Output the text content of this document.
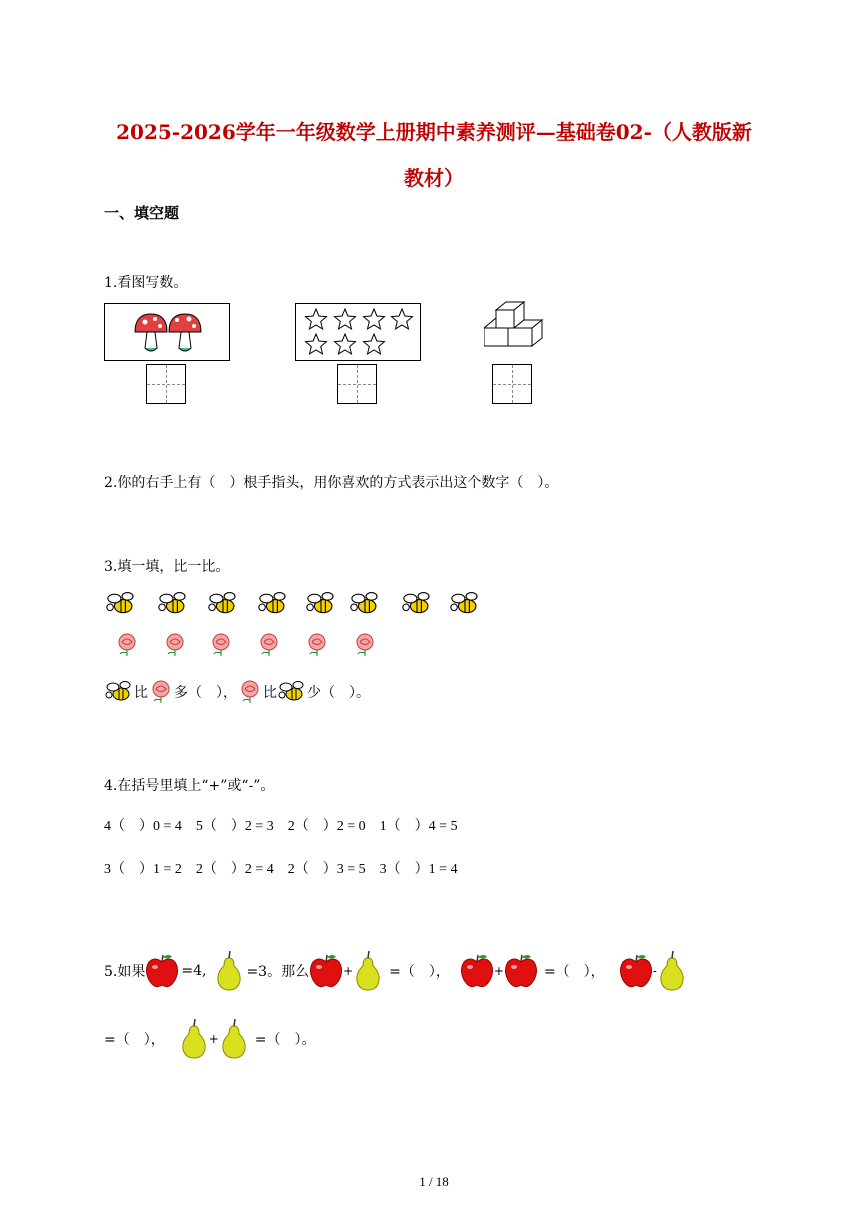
2025-2026学年一年级数学上册期中素养测评—基础卷02-（人教版新
教材）
一、填空题
1.看图写数。
2.你的右手上有（　）根手指头，用你喜欢的方式表示出这个数字（　）。
3.填一填，比一比。
比 多（　）， 比 少（　）。
4.在括号里填上“+”或“-”。
4（　）0 = 4　5（　）2 = 3　2（　）2 = 0　1（　）4 = 5
3（　）1 = 2　2（　）2 = 4　2（　）3 = 5　3（　）1 = 4
5.如果	=4,	=3。那么	+	=（　），	+	=（　），	-
=（　），	+	=（　）。
1 / 18
